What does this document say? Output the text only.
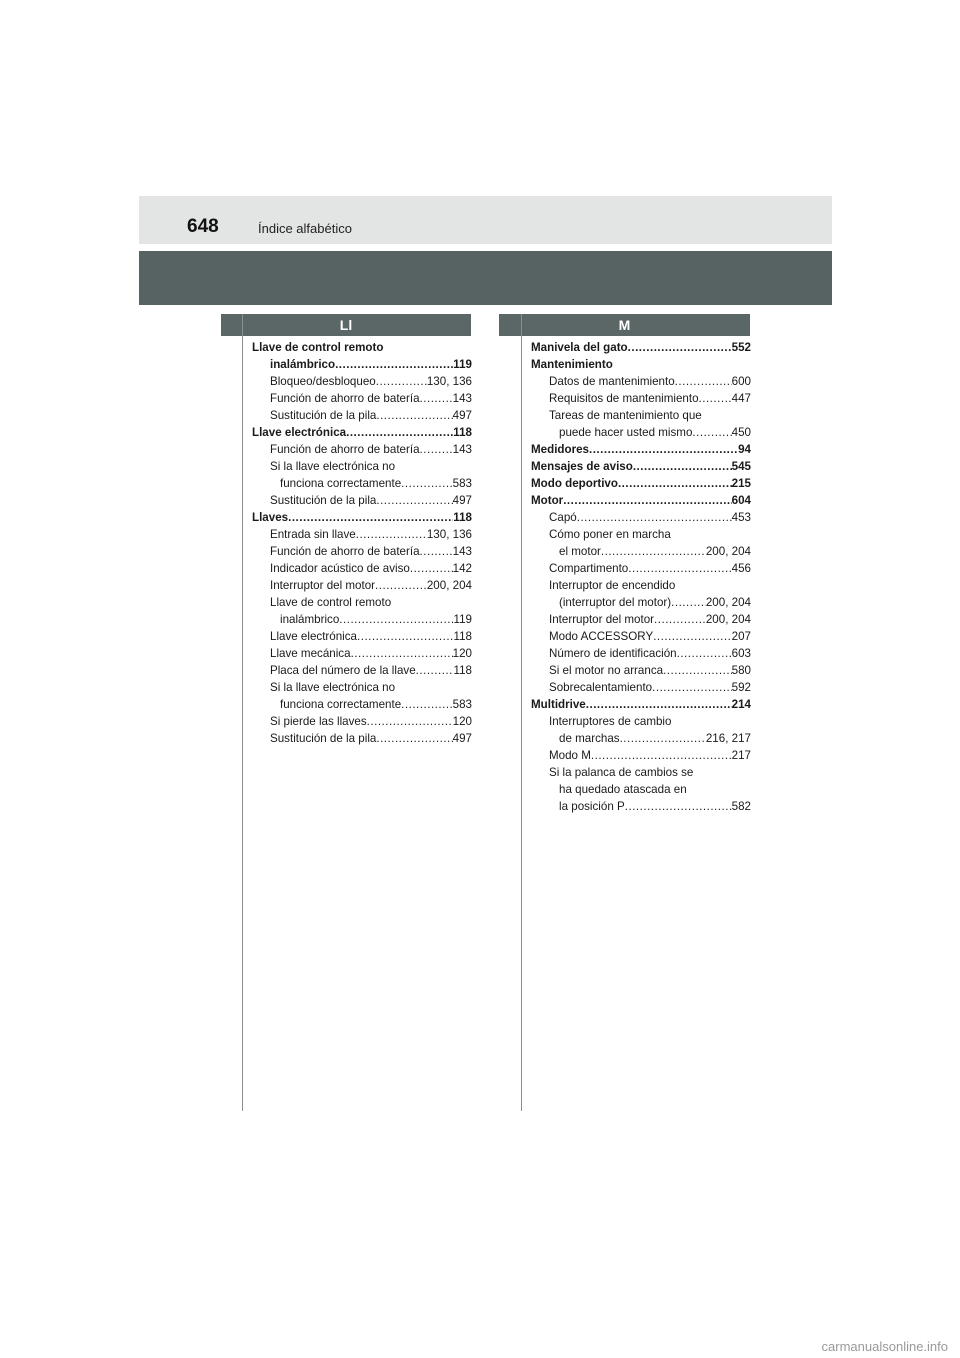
648	Índice alfabético
Ll	M
Llave de control remoto
inalámbrico .....	119
Bloqueo/desbloqueo .....	130, 136
Función de ahorro de batería .....	143
Sustitución de la pila .....	497
Llave electrónica .....	118
Función de ahorro de batería .....	143
Si la llave electrónica no
funciona correctamente .....	583
Sustitución de la pila .....	497
Llaves .....	118
Entrada sin llave .....	130, 136
Función de ahorro de batería .....	143
Indicador acústico de aviso .....	142
Interruptor del motor .....	200, 204
Llave de control remoto
inalámbrico .....	119
Llave electrónica .....	118
Llave mecánica .....	120
Placa del número de la llave .....	118
Si la llave electrónica no
funciona correctamente .....	583
Si pierde las llaves .....	120
Sustitución de la pila .....	497
Manivela del gato .....	552
Mantenimiento
Datos de mantenimiento .....	600
Requisitos de mantenimiento .....	447
Tareas de mantenimiento que
puede hacer usted mismo .....	450
Medidores .....	94
Mensajes de aviso .....	545
Modo deportivo .....	215
Motor .....	604
Capó .....	453
Cómo poner en marcha
el motor .....	200, 204
Compartimento .....	456
Interruptor de encendido
(interruptor del motor) .....	200, 204
Interruptor del motor .....	200, 204
Modo ACCESSORY .....	207
Número de identificación .....	603
Si el motor no arranca .....	580
Sobrecalentamiento .....	592
Multidrive .....	214
Interruptores de cambio
de marchas .....	216, 217
Modo M .....	217
Si la palanca de cambios se
ha quedado atascada en
la posición P .....	582
carmanualsonline.info
